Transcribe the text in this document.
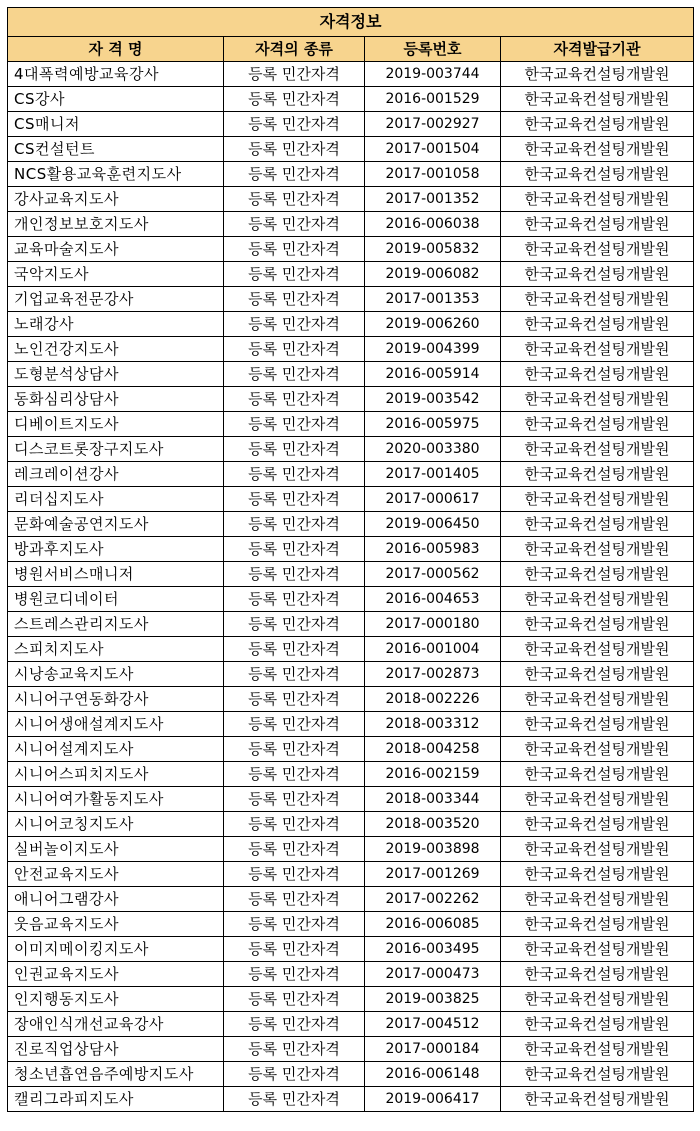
자격정보			
자 격 명	자격의 종류	등록번호	자격발급기관
4대폭력예방교육강사	등록 민간자격	2019-003744	한국교육컨설팅개발원
CS강사	등록 민간자격	2016-001529	한국교육컨설팅개발원
CS매니저	등록 민간자격	2017-002927	한국교육컨설팅개발원
CS컨설턴트	등록 민간자격	2017-001504	한국교육컨설팅개발원
NCS활용교육훈련지도사	등록 민간자격	2017-001058	한국교육컨설팅개발원
강사교육지도사	등록 민간자격	2017-001352	한국교육컨설팅개발원
개인정보보호지도사	등록 민간자격	2016-006038	한국교육컨설팅개발원
교육마술지도사	등록 민간자격	2019-005832	한국교육컨설팅개발원
국악지도사	등록 민간자격	2019-006082	한국교육컨설팅개발원
기업교육전문강사	등록 민간자격	2017-001353	한국교육컨설팅개발원
노래강사	등록 민간자격	2019-006260	한국교육컨설팅개발원
노인건강지도사	등록 민간자격	2019-004399	한국교육컨설팅개발원
도형분석상담사	등록 민간자격	2016-005914	한국교육컨설팅개발원
동화심리상담사	등록 민간자격	2019-003542	한국교육컨설팅개발원
디베이트지도사	등록 민간자격	2016-005975	한국교육컨설팅개발원
디스코트롯장구지도사	등록 민간자격	2020-003380	한국교육컨설팅개발원
레크레이션강사	등록 민간자격	2017-001405	한국교육컨설팅개발원
리더십지도사	등록 민간자격	2017-000617	한국교육컨설팅개발원
문화예술공연지도사	등록 민간자격	2019-006450	한국교육컨설팅개발원
방과후지도사	등록 민간자격	2016-005983	한국교육컨설팅개발원
병원서비스매니저	등록 민간자격	2017-000562	한국교육컨설팅개발원
병원코디네이터	등록 민간자격	2016-004653	한국교육컨설팅개발원
스트레스관리지도사	등록 민간자격	2017-000180	한국교육컨설팅개발원
스피치지도사	등록 민간자격	2016-001004	한국교육컨설팅개발원
시낭송교육지도사	등록 민간자격	2017-002873	한국교육컨설팅개발원
시니어구연동화강사	등록 민간자격	2018-002226	한국교육컨설팅개발원
시니어생애설계지도사	등록 민간자격	2018-003312	한국교육컨설팅개발원
시니어설계지도사	등록 민간자격	2018-004258	한국교육컨설팅개발원
시니어스피치지도사	등록 민간자격	2016-002159	한국교육컨설팅개발원
시니어여가활동지도사	등록 민간자격	2018-003344	한국교육컨설팅개발원
시니어코칭지도사	등록 민간자격	2018-003520	한국교육컨설팅개발원
실버놀이지도사	등록 민간자격	2019-003898	한국교육컨설팅개발원
안전교육지도사	등록 민간자격	2017-001269	한국교육컨설팅개발원
애니어그램강사	등록 민간자격	2017-002262	한국교육컨설팅개발원
웃음교육지도사	등록 민간자격	2016-006085	한국교육컨설팅개발원
이미지메이킹지도사	등록 민간자격	2016-003495	한국교육컨설팅개발원
인권교육지도사	등록 민간자격	2017-000473	한국교육컨설팅개발원
인지행동지도사	등록 민간자격	2019-003825	한국교육컨설팅개발원
장애인식개선교육강사	등록 민간자격	2017-004512	한국교육컨설팅개발원
진로직업상담사	등록 민간자격	2017-000184	한국교육컨설팅개발원
청소년흡연음주예방지도사	등록 민간자격	2016-006148	한국교육컨설팅개발원
캘리그라피지도사	등록 민간자격	2019-006417	한국교육컨설팅개발원
